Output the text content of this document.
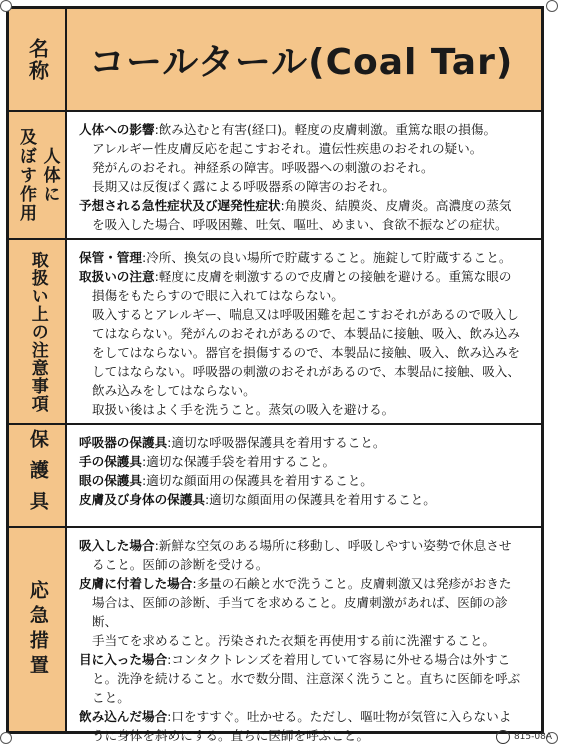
名称 コールタール(Coal Tar)
人体に
及ぼす作用	人体への影響:飲み込むと有害(経口)。軽度の皮膚刺激。重篤な眼の損傷。
アレルギー性皮膚反応を起こすおそれ。遺伝性疾患のおそれの疑い。
発がんのおそれ。神経系の障害。呼吸器への刺激のおそれ。
長期又は反復ばく露による呼吸器系の障害のおそれ。
予想される急性症状及び遅発性症状:角膜炎、結膜炎、皮膚炎。高濃度の蒸気
を吸入した場合、呼吸困難、吐気、嘔吐、めまい、食欲不振などの症状。
取扱い上の注意事項 保管・管理:冷所、換気の良い場所で貯蔵すること。施錠して貯蔵すること。
取扱いの注意:軽度に皮膚を刺激するので皮膚との接触を避ける。重篤な眼の
損傷をもたらすので眼に入れてはならない。
吸入するとアレルギー、喘息又は呼吸困難を起こすおそれがあるので吸入し
てはならない。発がんのおそれがあるので、本製品に接触、吸入、飲み込み
をしてはならない。器官を損傷するので、本製品に接触、吸入、飲み込みを
してはならない。呼吸器の刺激のおそれがあるので、本製品に接触、吸入、
飲み込みをしてはならない。
取扱い後はよく手を洗うこと。蒸気の吸入を避ける。
保護具 呼吸器の保護具:適切な呼吸器保護具を着用すること。
手の保護具:適切な保護手袋を着用すること。
眼の保護具:適切な顔面用の保護具を着用すること。
皮膚及び身体の保護具:適切な顔面用の保護具を着用すること。
応急措置
吸入した場合:新鮮な空気のある場所に移動し、呼吸しやすい姿勢で休息させ
ること。医師の診断を受ける。
皮膚に付着した場合:多量の石鹸と水で洗うこと。皮膚刺激又は発疹がおきた
場合は、医師の診断、手当てを求めること。皮膚刺激があれば、医師の診断、
手当てを求めること。汚染された衣類を再使用する前に洗濯すること。
目に入った場合:コンタクトレンズを着用していて容易に外せる場合は外すこ
と。洗浄を続けること。水で数分間、注意深く洗うこと。直ちに医師を呼ぶ
こと。
飲み込んだ場合:口をすすぐ。吐かせる。ただし、嘔吐物が気管に入らないよ
うに身体を斜めにする。直ちに医師を呼ぶこと。	815-08A
